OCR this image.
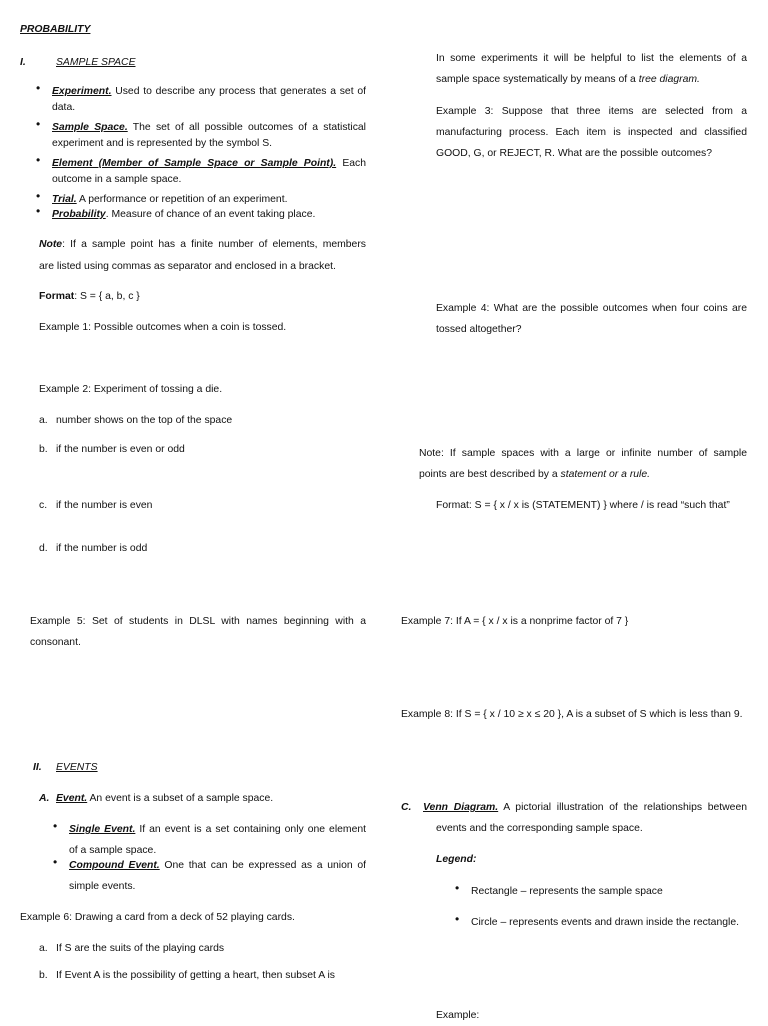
PROBABILITY
I.	SAMPLE SPACE
•
Experiment. Used to describe any process that generates a set of
data.
•
Sample Space. The set of all possible outcomes of a statistical
experiment and is represented by the symbol S.
•
Element (Member of Sample Space or Sample Point). Each
outcome in a sample space.
•
Trial. A performance or repetition of an experiment.
•
Probability. Measure of chance of an event taking place.
Note: If a sample point has a finite number of elements, members
are listed using commas as separator and enclosed in a bracket.
Format: S = { a, b, c }
Example 1: Possible outcomes when a coin is tossed.
Example 2: Experiment of tossing a die.
a. number shows on the top of the space
b. if the number is even or odd
c. if the number is even
d. if the number is odd
Example 5: Set of students in DLSL with names beginning with a
consonant.
In some experiments it will be helpful to list the elements of a
sample space systematically by means of a tree diagram.
Example 3: Suppose that three items are selected from a
manufacturing process. Each item is inspected and classified
GOOD, G, or REJECT, R. What are the possible outcomes?
Example 4: What are the possible outcomes when four coins are
tossed altogether?
Note: If sample spaces with a large or infinite number of sample
points are best described by a statement or a rule.
Format: S = { x / x is (STATEMENT) } where / is read “such that”
Example 7: If A = { x / x is a nonprime factor of 7 }
Example 8: If S = { x / 10 ≥ x ≤ 20 }, A is a subset of S which is less than 9.
II. EVENTS
A. Event. An event is a subset of a sample space.
•
Single Event. If an event is a set containing only one element
of a sample space.
•
Compound Event. One that can be expressed as a union of
simple events.
Example 6: Drawing a card from a deck of 52 playing cards.
a. If S are the suits of the playing cards
b. If Event A is the possibility of getting a heart, then subset A is
C. Venn Diagram. A pictorial illustration of the relationships between
events and the corresponding sample space.
Legend:
•
Rectangle – represents the sample space
•
Circle – represents events and drawn inside the rectangle.
Example:
